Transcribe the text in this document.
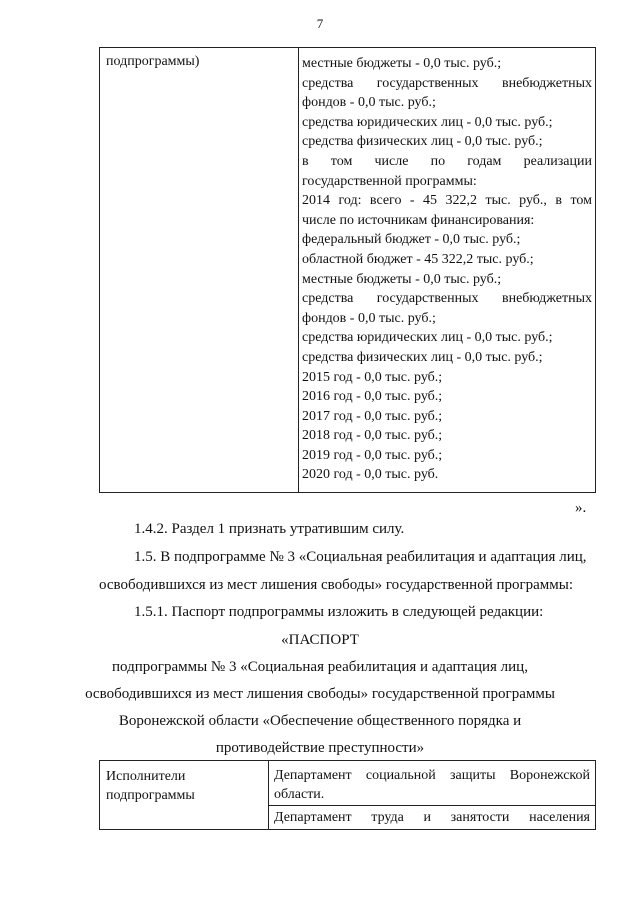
7
подпрограммы)	местные бюджеты - 0,0 тыс. руб.;
средства государственных внебюджетных
фондов - 0,0 тыс. руб.;
средства юридических лиц - 0,0 тыс. руб.;
средства физических лиц - 0,0 тыс. руб.;
в том числе по годам реализации
государственной программы:
2014 год: всего - 45 322,2 тыс. руб., в том
числе по источникам финансирования:
федеральный бюджет - 0,0 тыс. руб.;
областной бюджет - 45 322,2 тыс. руб.;
местные бюджеты - 0,0 тыс. руб.;
средства государственных внебюджетных
фондов - 0,0 тыс. руб.;
средства юридических лиц - 0,0 тыс. руб.;
средства физических лиц - 0,0 тыс. руб.;
2015 год - 0,0 тыс. руб.;
2016 год - 0,0 тыс. руб.;
2017 год - 0,0 тыс. руб.;
2018 год - 0,0 тыс. руб.;
2019 год - 0,0 тыс. руб.;
2020 год - 0,0 тыс. руб.
».
1.4.2. Раздел 1 признать утратившим силу.
1.5. В подпрограмме № 3 «Социальная реабилитация и адаптация лиц,
освободившихся из мест лишения свободы» государственной программы:
1.5.1. Паспорт подпрограммы изложить в следующей редакции:
«ПАСПОРТ
подпрограммы № 3 «Социальная реабилитация и адаптация лиц,
освободившихся из мест лишения свободы» государственной программы
Воронежской области «Обеспечение общественного порядка и
противодействие преступности»
Исполнители подпрограммы
Департамент социальной защиты Воронежской
области.
Департамент труда и занятости населения
